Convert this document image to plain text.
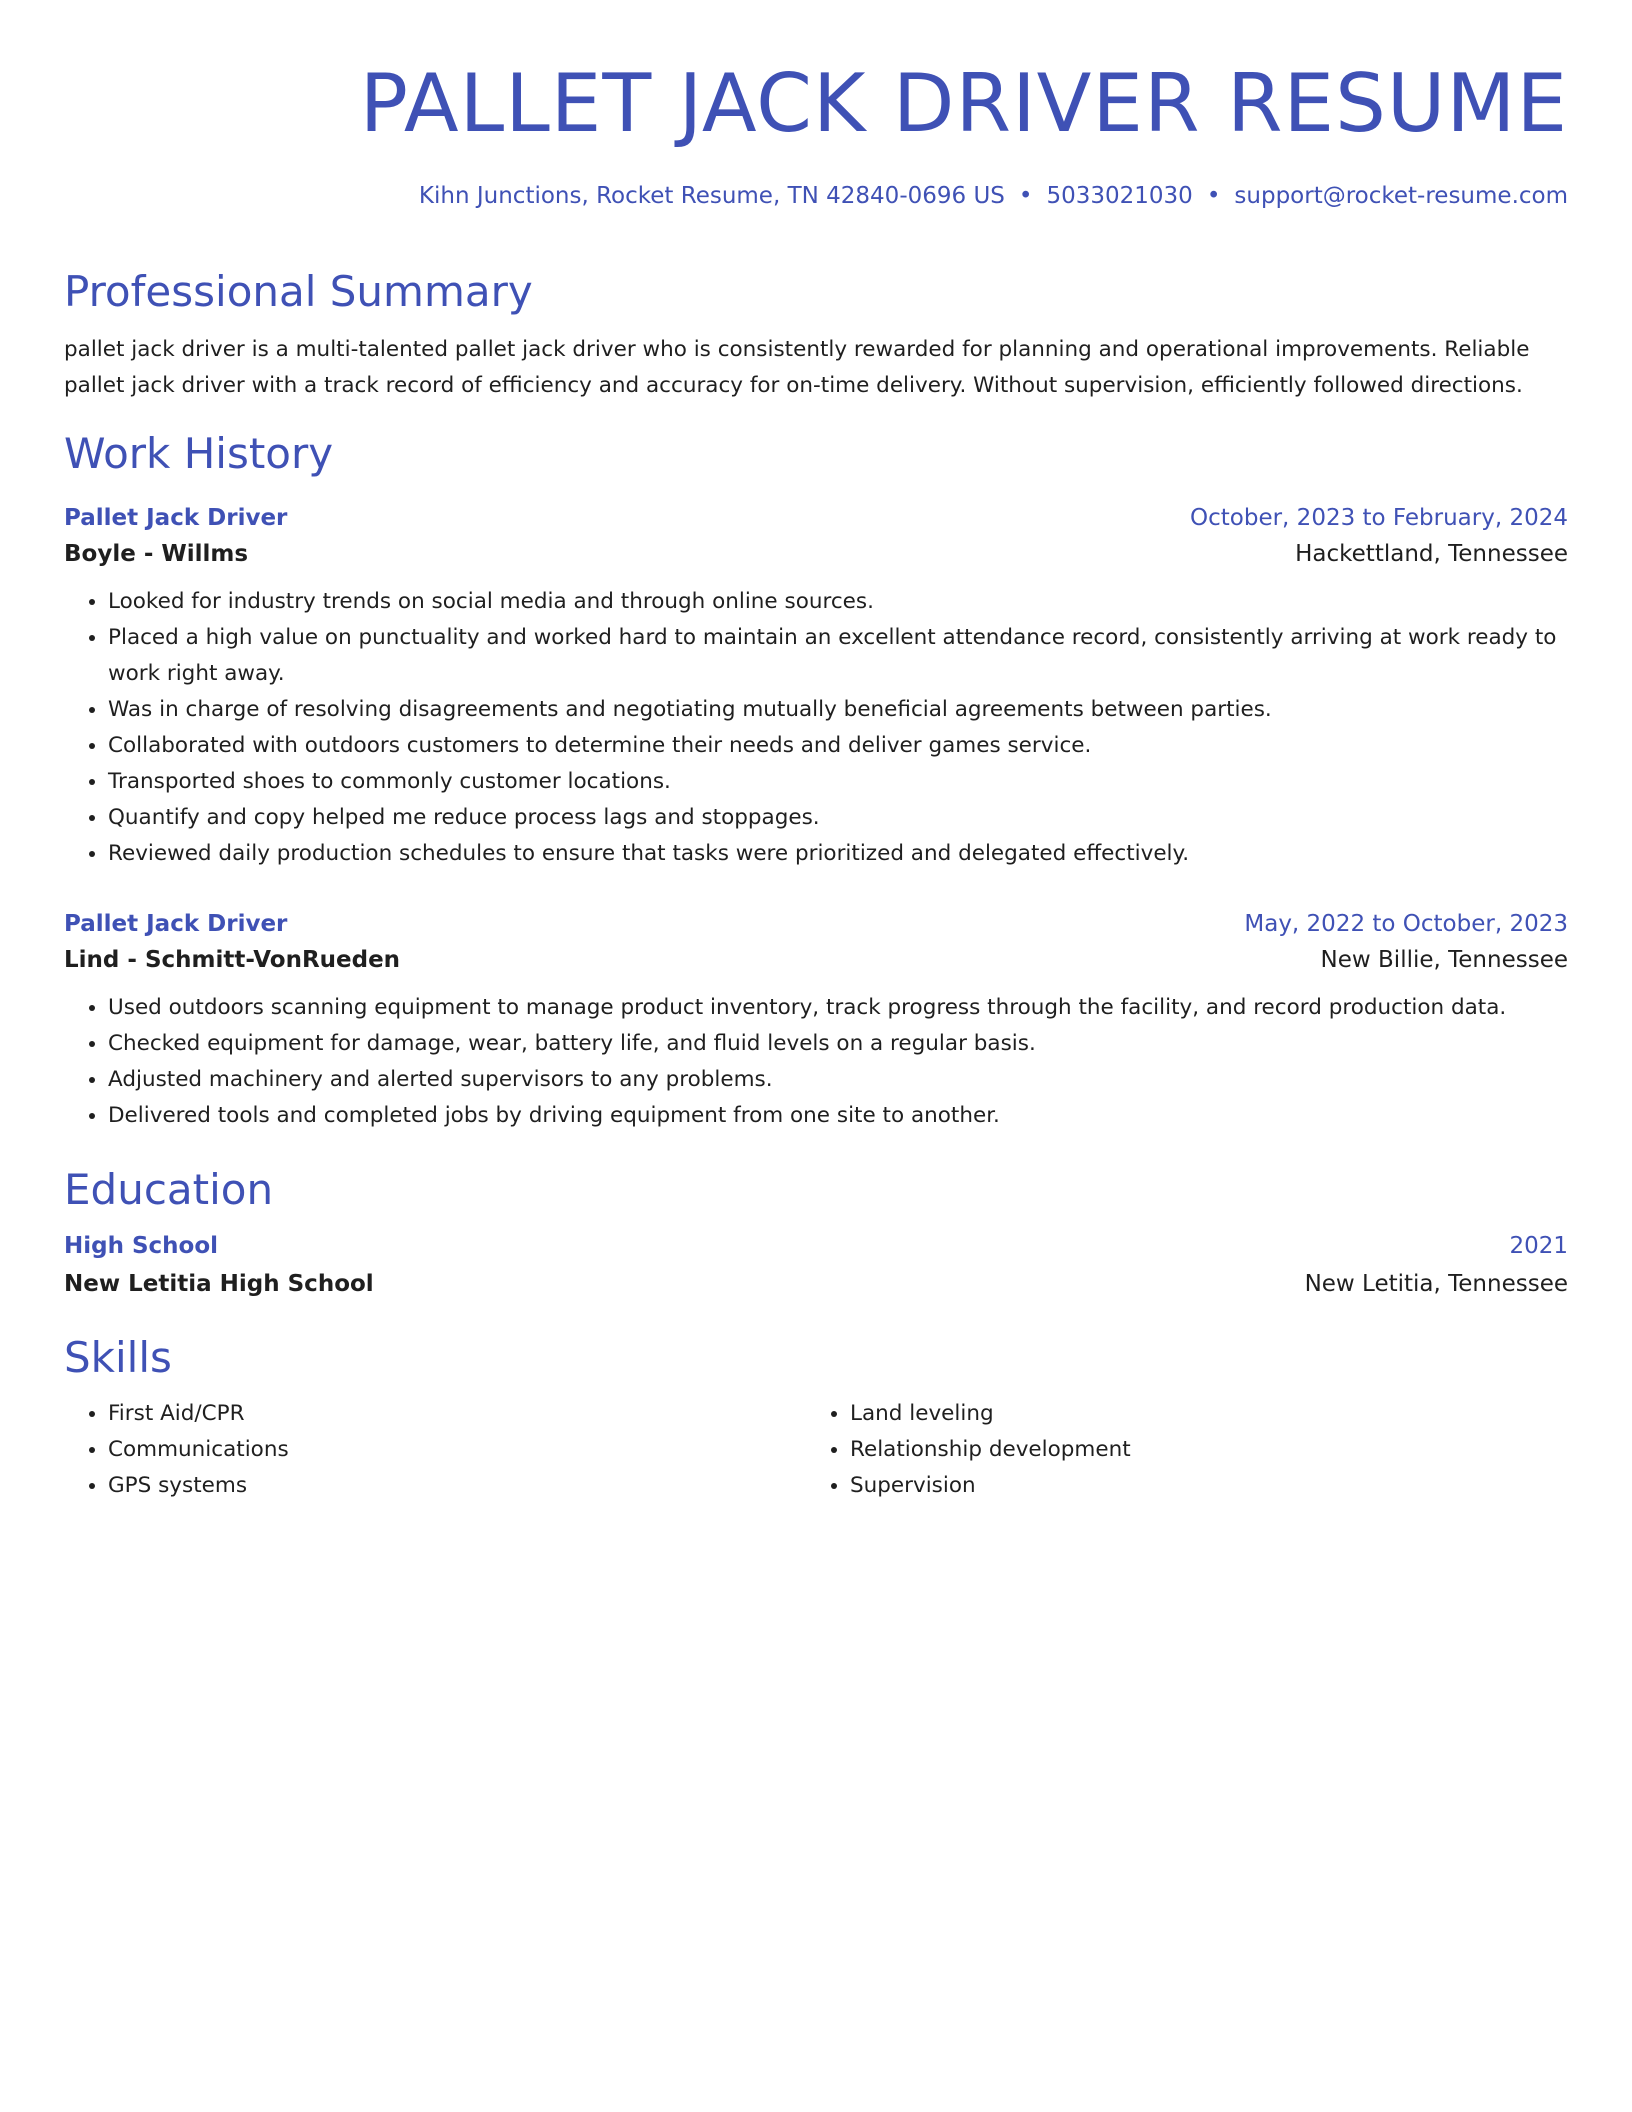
PALLET JACK DRIVER RESUME
Kihn Junctions, Rocket Resume, TN 42840-0696 US • 5033021030 • support@rocket-resume.com
Professional Summary
pallet jack driver is a multi-talented pallet jack driver who is consistently rewarded for planning and operational improvements. Reliable pallet jack driver with a track record of efficiency and accuracy for on-time delivery. Without supervision, efficiently followed directions.
Work History
Pallet Jack Driver	October, 2023 to February, 2024
Boyle - Willms	Hackettland, Tennessee
• Looked for industry trends on social media and through online sources.
• Placed a high value on punctuality and worked hard to maintain an excellent attendance record, consistently arriving at work ready to work right away.
• Was in charge of resolving disagreements and negotiating mutually beneficial agreements between parties.
• Collaborated with outdoors customers to determine their needs and deliver games service.
• Transported shoes to commonly customer locations.
• Quantify and copy helped me reduce process lags and stoppages.
• Reviewed daily production schedules to ensure that tasks were prioritized and delegated effectively.
Pallet Jack Driver	May, 2022 to October, 2023
Lind - Schmitt-VonRueden	New Billie, Tennessee
• Used outdoors scanning equipment to manage product inventory, track progress through the facility, and record production data.
• Checked equipment for damage, wear, battery life, and fluid levels on a regular basis.
• Adjusted machinery and alerted supervisors to any problems.
• Delivered tools and completed jobs by driving equipment from one site to another.
Education
High School	2021
New Letitia High School	New Letitia, Tennessee
Skills
• First Aid/CPR
• Communications
• GPS systems
• Land leveling
• Relationship development
• Supervision
